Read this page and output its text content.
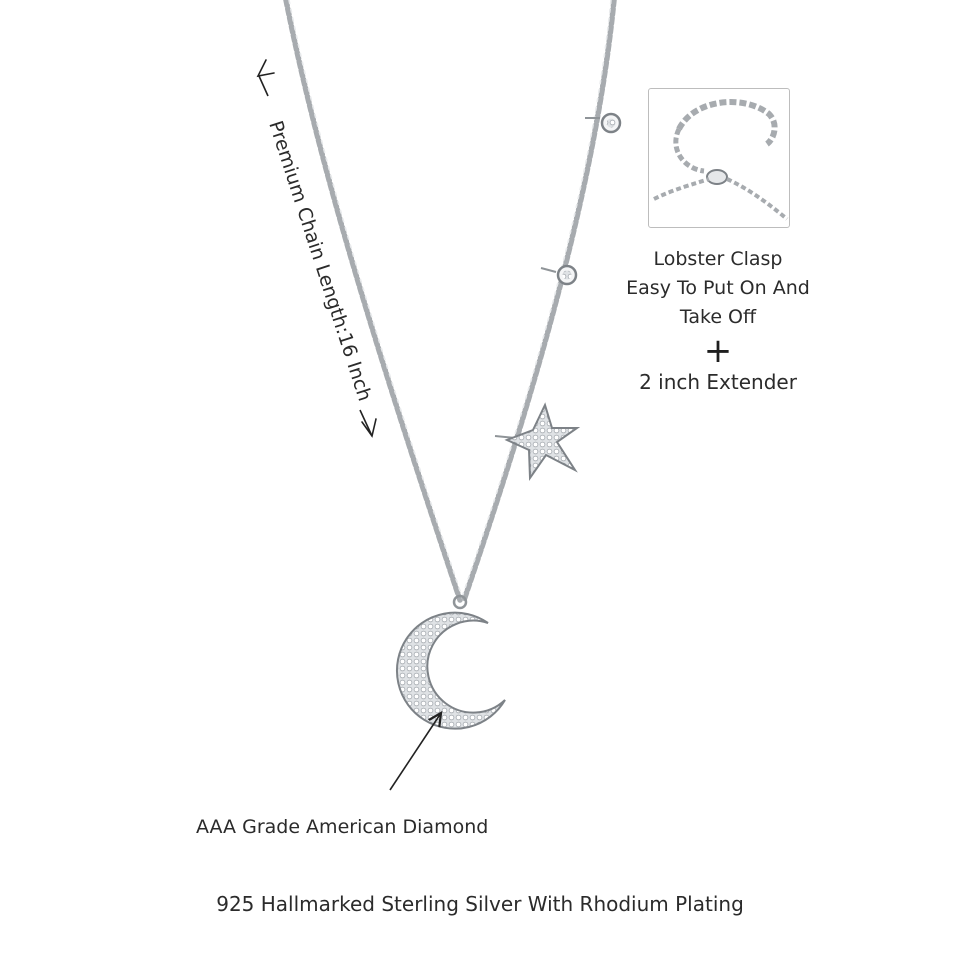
Lobster Clasp
Easy To Put On And
Take Off
+
2 inch Extender
Premium Chain Length:16 Inch
AAA Grade American Diamond
925 Hallmarked Sterling Silver With Rhodium Plating
